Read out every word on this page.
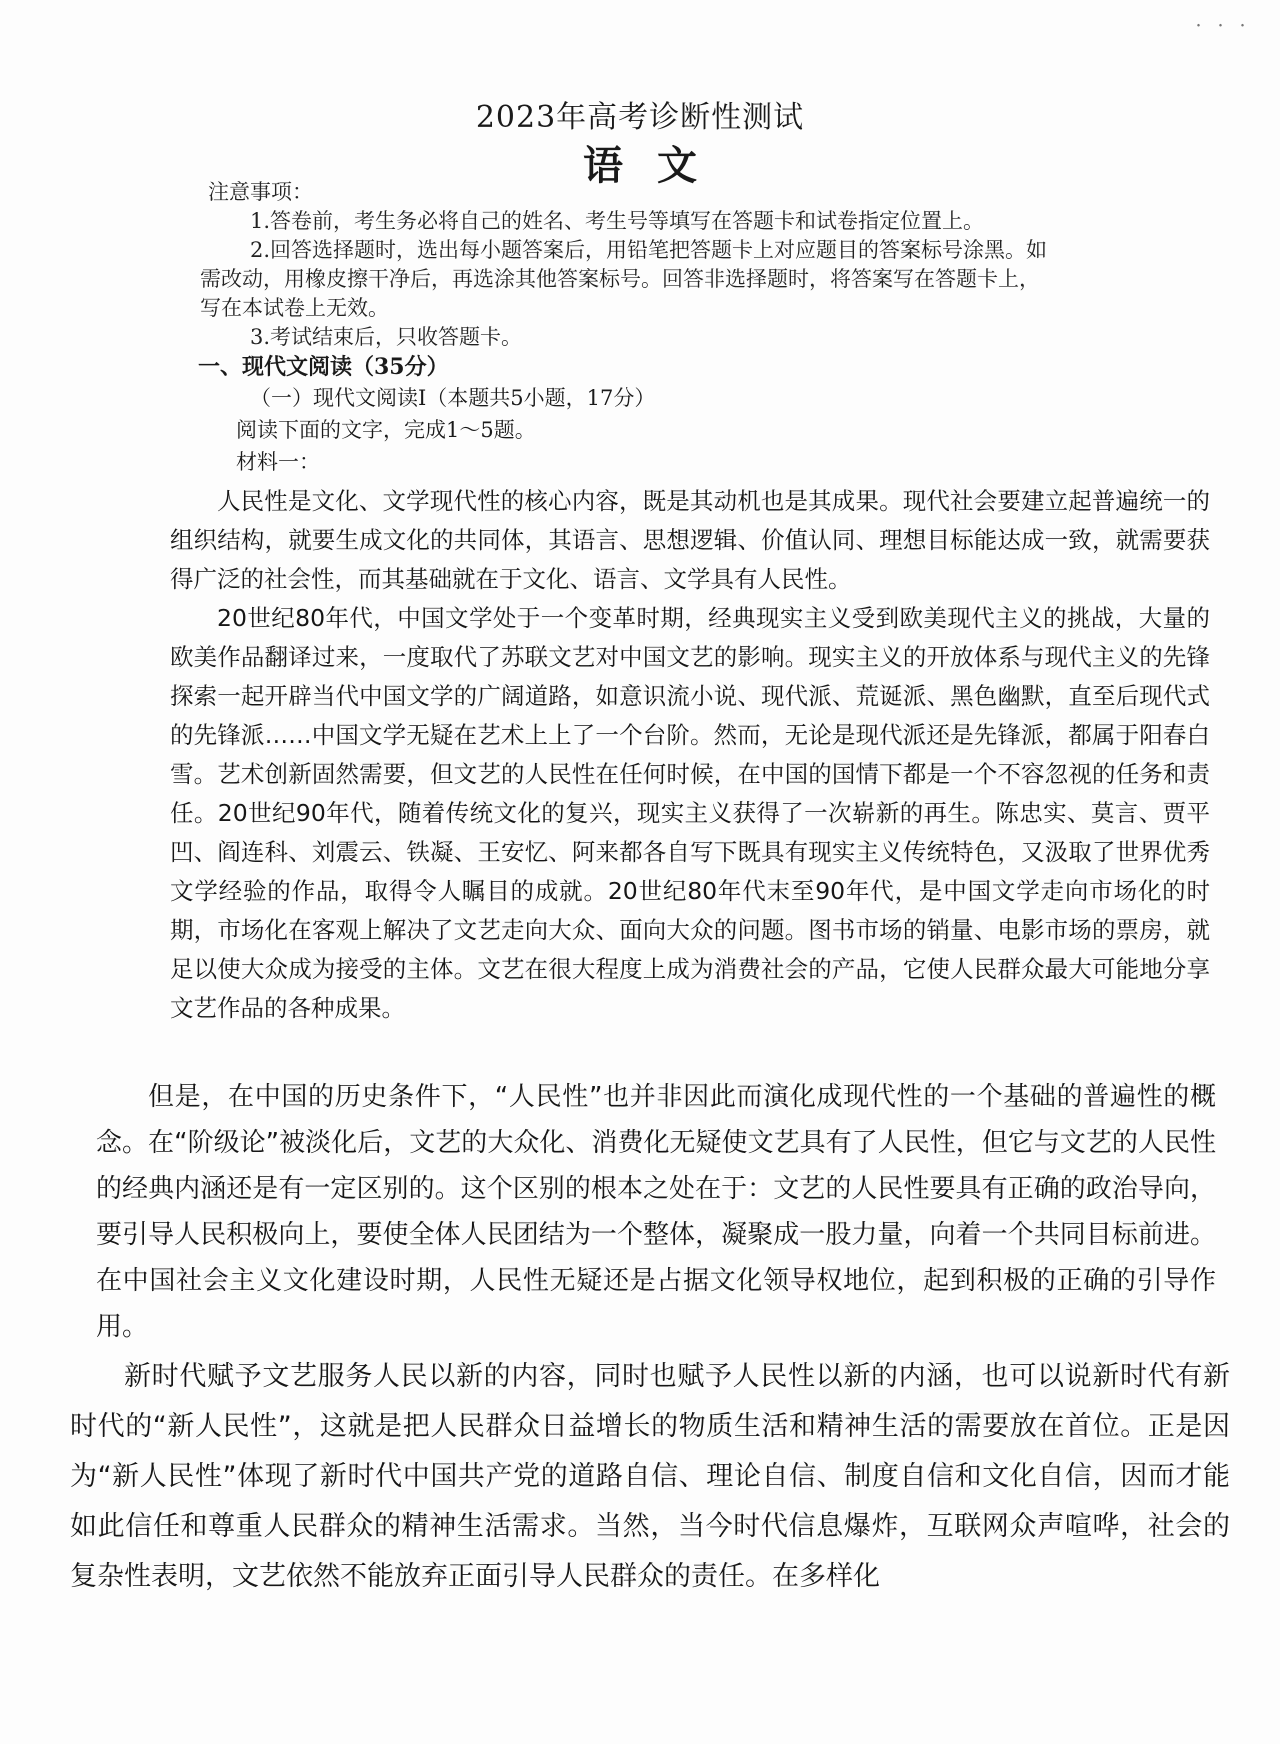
˙ ˙ ˙
2023年高考诊断性测试
语文

注意事项：

1.答卷前，考生务必将自己的姓名、考生号等填写在答题卡和试卷指定位置上。

2.回答选择题时，选出每小题答案后，用铅笔把答题卡上对应题目的答案标号涂黑。如

需改动，用橡皮擦干净后，再选涂其他答案标号。回答非选择题时，将答案写在答题卡上，

写在本试卷上无效。

3.考试结束后，只收答题卡。

一、现代文阅读（35分）
（一）现代文阅读Ⅰ（本题共5小题，17分）
阅读下面的文字，完成1～5题。
材料一：

人民性是文化、文学现代性的核心内容，既是其动机也是其成果。现代社会要建立起普遍统一的组织结构，就要生成文化的共同体，其语言、思想逻辑、价值认同、理想目标能达成一致，就需要获得广泛的社会性，而其基础就在于文化、语言、文学具有人民性。

20世纪80年代，中国文学处于一个变革时期，经典现实主义受到欧美现代主义的挑战，大量的欧美作品翻译过来，一度取代了苏联文艺对中国文艺的影响。现实主义的开放体系与现代主义的先锋探索一起开辟当代中国文学的广阔道路，如意识流小说、现代派、荒诞派、黑色幽默，直至后现代式的先锋派……中国文学无疑在艺术上上了一个台阶。然而，无论是现代派还是先锋派，都属于阳春白雪。艺术创新固然需要，但文艺的人民性在任何时候，在中国的国情下都是一个不容忽视的任务和责任。20世纪90年代，随着传统文化的复兴，现实主义获得了一次崭新的再生。陈忠实、莫言、贾平凹、阎连科、刘震云、铁凝、王安忆、阿来都各自写下既具有现实主义传统特色，又汲取了世界优秀文学经验的作品，取得令人瞩目的成就。20世纪80年代末至90年代，是中国文学走向市场化的时期，市场化在客观上解决了文艺走向大众、面向大众的问题。图书市场的销量、电影市场的票房，就足以使大众成为接受的主体。文艺在很大程度上成为消费社会的产品，它使人民群众最大可能地分享文艺作品的各种成果。

但是，在中国的历史条件下，“人民性”也并非因此而演化成现代性的一个基础的普遍性的概念。在“阶级论”被淡化后，文艺的大众化、消费化无疑使文艺具有了人民性，但它与文艺的人民性的经典内涵还是有一定区别的。这个区别的根本之处在于：文艺的人民性要具有正确的政治导向，要引导人民积极向上，要使全体人民团结为一个整体，凝聚成一股力量，向着一个共同目标前进。在中国社会主义文化建设时期，人民性无疑还是占据文化领导权地位，起到积极的正确的引导作用。

新时代赋予文艺服务人民以新的内容，同时也赋予人民性以新的内涵，也可以说新时代有新时代的“新人民性”，这就是把人民群众日益增长的物质生活和精神生活的需要放在首位。正是因为“新人民性”体现了新时代中国共产党的道路自信、理论自信、制度自信和文化自信，因而才能如此信任和尊重人民群众的精神生活需求。当然，当今时代信息爆炸，互联网众声喧哗，社会的复杂性表明，文艺依然不能放弃正面引导人民群众的责任。在多样化
